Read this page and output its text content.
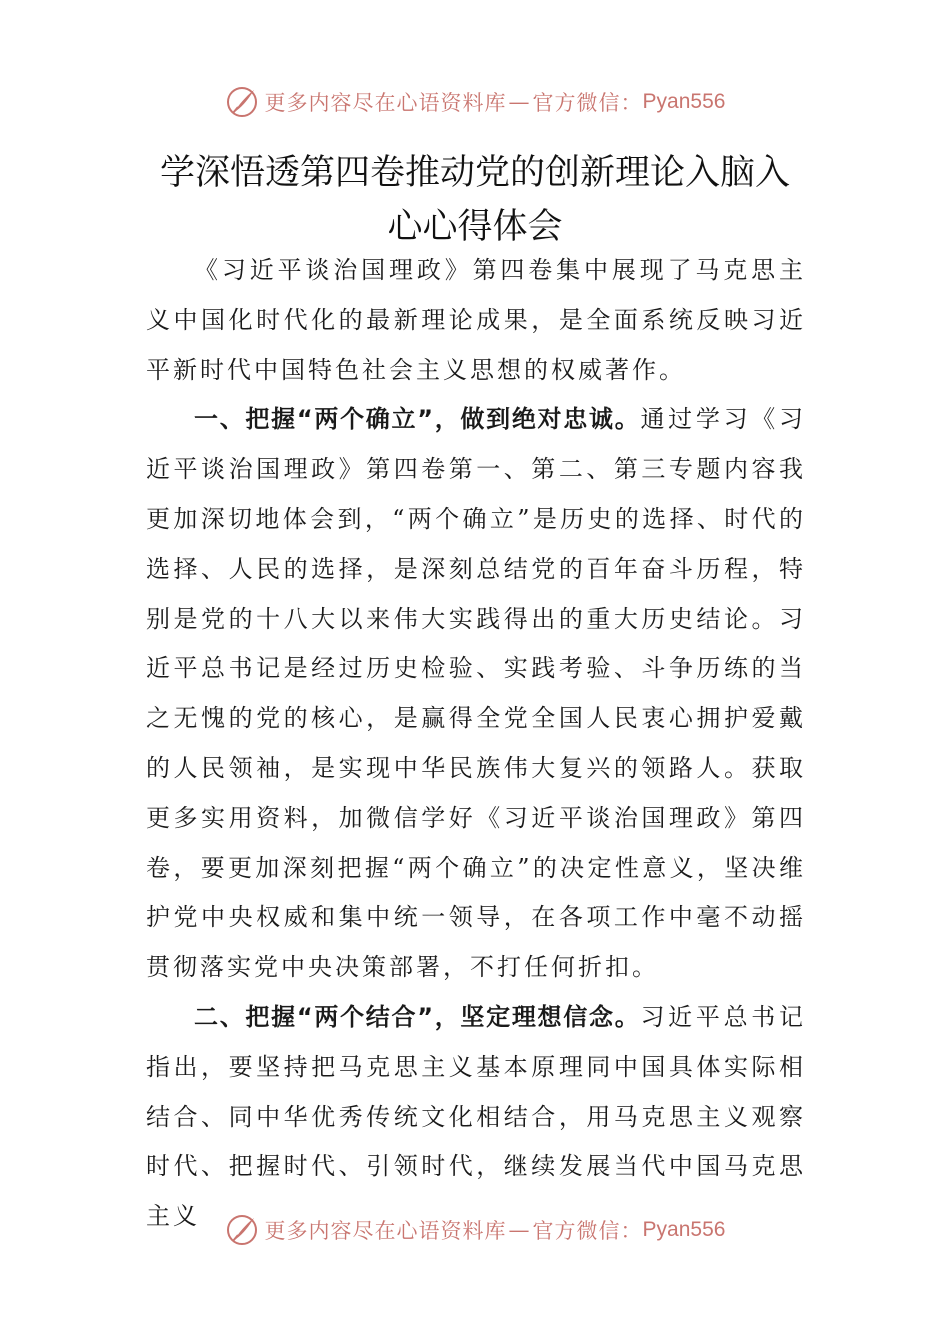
更多内容尽在心语资料库 — 官方微信： Pyan556
学深悟透第四卷推动党的创新理论入脑入
心心得体会

《习近平谈治国理政》第四卷集中展现了马克思主义中国化时代化的最新理论成果，是全面系统反映习近平新时代中国特色社会主义思想的权威著作。

一、把握“两个确立”，做到绝对忠诚。通过学习《习近平谈治国理政》第四卷第一、第二、第三专题内容我更加深切地体会到，“两个确立”是历史的选择、时代的选择、人民的选择，是深刻总结党的百年奋斗历程，特别是党的十八大以来伟大实践得出的重大历史结论。习近平总书记是经过历史检验、实践考验、斗争历练的当之无愧的党的核心，是赢得全党全国人民衷心拥护爱戴的人民领袖，是实现中华民族伟大复兴的领路人。获取更多实用资料，加微信学好《习近平谈治国理政》第四卷，要更加深刻把握“两个确立”的决定性意义，坚决维护党中央权威和集中统一领导，在各项工作中毫不动摇贯彻落实党中央决策部署，不打任何折扣。

二、把握“两个结合”，坚定理想信念。习近平总书记指出，要坚持把马克思主义基本原理同中国具体实际相结合、同中华优秀传统文化相结合，用马克思主义观察时代、把握时代、引领时代，继续发展当代中国马克思主义

更多内容尽在心语资料库 — 官方微信： Pyan556
